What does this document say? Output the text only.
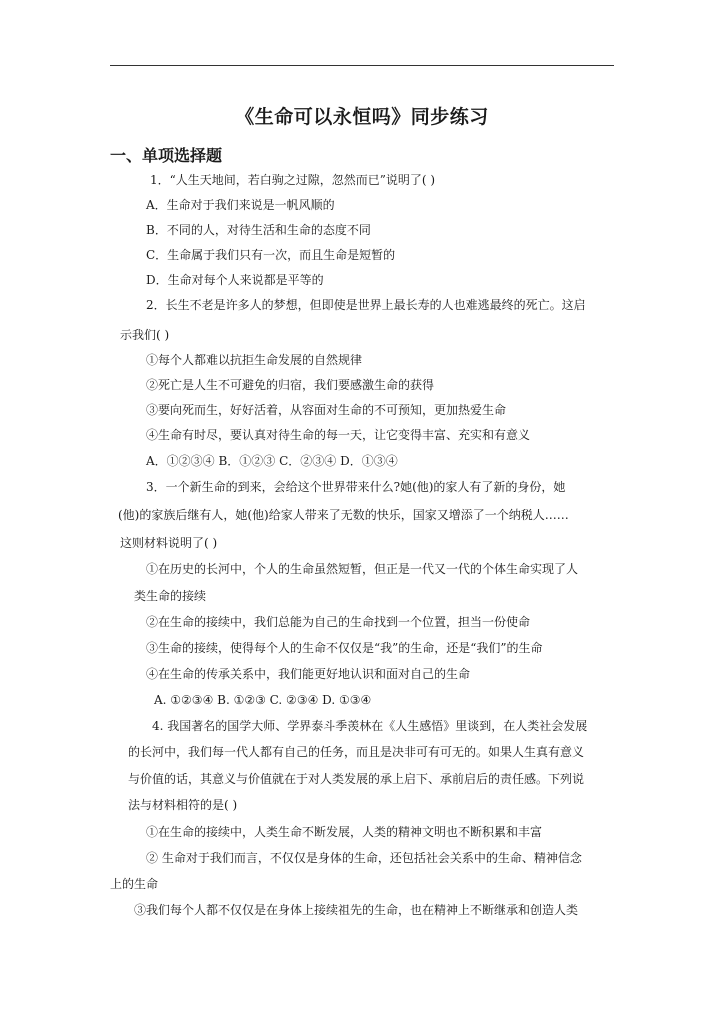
《生命可以永恒吗》同步练习
一、单项选择题
1．“人生天地间，若白驹之过隙，忽然而已”说明了( )
A．生命对于我们来说是一帆风顺的
B．不同的人，对待生活和生命的态度不同
C．生命属于我们只有一次，而且生命是短暂的
D．生命对每个人来说都是平等的
2．长生不老是许多人的梦想，但即使是世界上最长寿的人也难逃最终的死亡。这启
示我们( )
①每个人都难以抗拒生命发展的自然规律
②死亡是人生不可避免的归宿，我们要感激生命的获得
③要向死而生，好好活着，从容面对生命的不可预知，更加热爱生命
④生命有时尽，要认真对待生命的每一天，让它变得丰富、充实和有意义
A．①②③④ B．①②③ C．②③④ D．①③④
3．一个新生命的到来，会给这个世界带来什么?她(他)的家人有了新的身份，她
(他)的家族后继有人，她(他)给家人带来了无数的快乐，国家又增添了一个纳税人……
这则材料说明了( )
①在历史的长河中，个人的生命虽然短暂，但正是一代又一代的个体生命实现了人
类生命的接续
②在生命的接续中，我们总能为自己的生命找到一个位置，担当一份使命
③生命的接续，使得每个人的生命不仅仅是“我”的生命，还是“我们”的生命
④在生命的传承关系中，我们能更好地认识和面对自己的生命
A. ①②③④ B. ①②③ C. ②③④ D. ①③④
4. 我国著名的国学大师、学界泰斗季羡林在《人生感悟》里谈到，在人类社会发展
的长河中，我们每一代人都有自己的任务，而且是决非可有可无的。如果人生真有意义
与价值的话，其意义与价值就在于对人类发展的承上启下、承前启后的责任感。下列说
法与材料相符的是( )
①在生命的接续中，人类生命不断发展，人类的精神文明也不断积累和丰富
② 生命对于我们而言，不仅仅是身体的生命，还包括社会关系中的生命、精神信念
上的生命
③我们每个人都不仅仅是在身体上接续祖先的生命，也在精神上不断继承和创造人类
